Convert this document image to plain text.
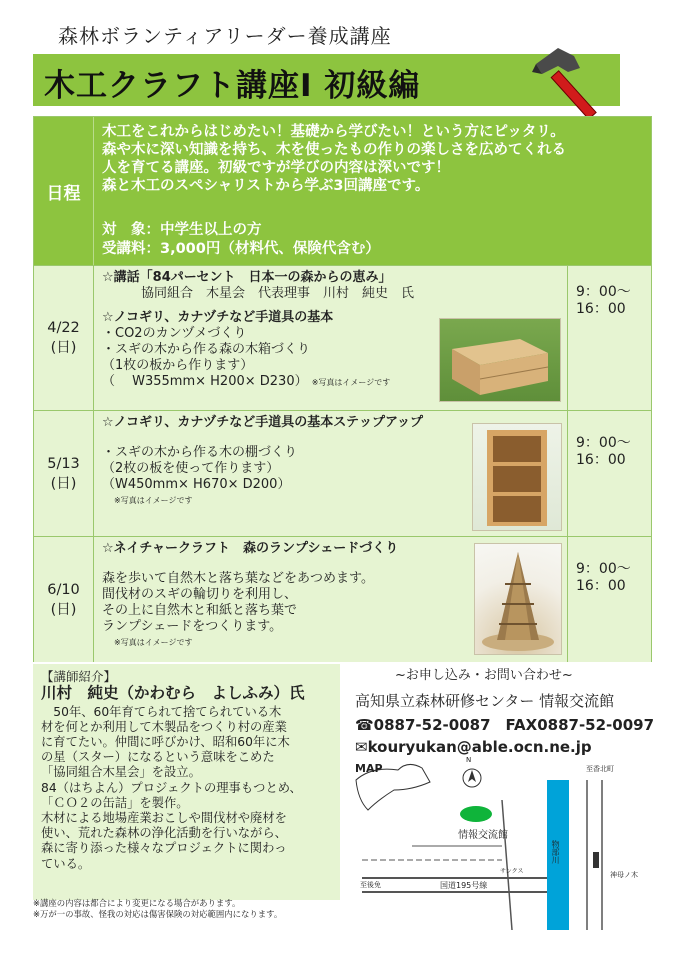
森林ボランティアリーダー養成講座
木工クラフト講座Ⅰ 初級編
日程

木工をこれからはじめたい！基礎から学びたい！という方にピッタリ。

森や木に深い知識を持ち、木を使ったもの作りの楽しさを広めてくれる

人を育てる講座。初級ですが学びの内容は深いです！

森と木工のスペシャリストから学ぶ3回講座です。

対　象：中学生以上の方

受講料：3,000円（材料代、保険代含む）

4/22
(日)
☆講話「84パーセント　日本一の森からの恵み」
　　　協同組合　木星会　代表理事　川村　純史　氏
☆ノコギリ、カナヅチなど手道具の基本
・CO2のカンヅメづくり
・スギの木から作る森の木箱づくり
（1枚の板から作ります）
（　 W355mm× H200× D230） ※写真はイメージです
9：00～
16：00
5/13
(日)
☆ノコギリ、カナヅチなど手道具の基本ステップアップ
・スギの木から作る木の棚づくり
（2枚の板を使って作ります）
（W450mm× H670× D200）
※写真はイメージです
9：00～
16：00
6/10
(日)
☆ネイチャークラフト　森のランプシェードづくり
森を歩いて自然木と落ち葉などをあつめます。
間伐材のスギの輪切りを利用し、
その上に自然木と和紙と落ち葉で
ランプシェードをつくります。
※写真はイメージです
9：00～
16：00
【講師紹介】
川村　純史（かわむら　よしふみ）氏
　50年、60年育てられて捨てられている木
材を何とか利用して木製品をつくり村の産業
に育てたい。仲間に呼びかけ、昭和60年に木
の星（スター）になるという意味をこめた
「協同組合木星会」を設立。
84（はちよん）プロジェクトの理事もつとめ、
「ＣＯ２の缶詰」を製作。
木材による地場産業おこしや間伐材や廃材を
使い、荒れた森林の浄化活動を行いながら、
森に寄り添った様々なプロジェクトに関わっ
ている。
※講座の内容は都合により変更になる場合があります。
※万が一の事故、怪我の対応は傷害保険の対応範囲内になります。
~お申し込み・お問い合わせ~
高知県立森林研修センター 情報交流館
☎0887-52-0087　FAX0887-52-0097
✉kouryukan@able.ocn.ne.jp
MAP
情報交流館
N
国道195号線
物部川
至香北町
神母ノ木
サンクス
至後免
